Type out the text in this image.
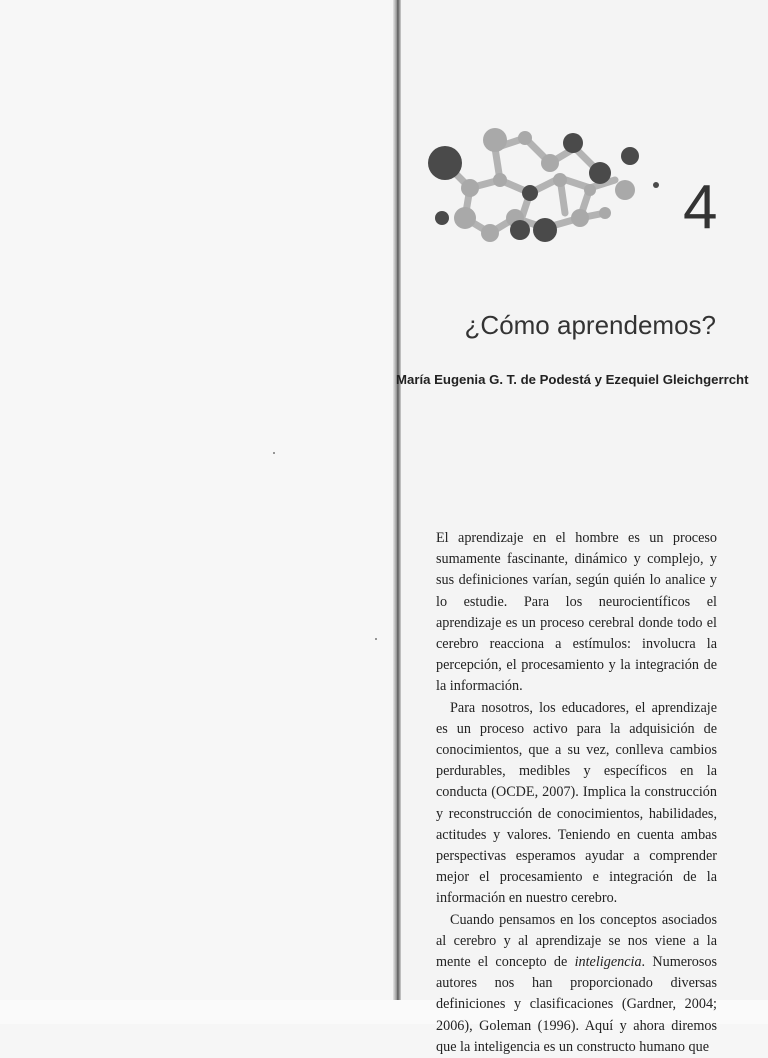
4
¿Cómo aprendemos?
María Eugenia G. T. de Podestá y Ezequiel Gleichgerrcht

El aprendizaje en el hombre es un proceso sumamente fascinante, dinámico y complejo, y sus definiciones varían, según quién lo analice y lo estudie. Para los neurocientíficos el aprendizaje es un proceso cerebral donde todo el cerebro reacciona a estímulos: involucra la percepción, el procesamiento y la integración de la información.

Para nosotros, los educadores, el aprendizaje es un proceso activo para la adquisición de conocimientos, que a su vez, conlleva cambios perdurables, medibles y específicos en la conducta (OCDE, 2007). Implica la construcción y reconstrucción de conocimientos, habilidades, actitudes y valores. Teniendo en cuenta ambas perspectivas esperamos ayudar a comprender mejor el procesamiento e integración de la información en nuestro cerebro.

Cuando pensamos en los conceptos asociados al cerebro y al aprendizaje se nos viene a la mente el concepto de inteligencia. Numerosos autores nos han proporcionado diversas definiciones y clasificaciones (Gardner, 2004; 2006), Goleman (1996). Aquí y ahora diremos que la inteligencia es un constructo humano que
